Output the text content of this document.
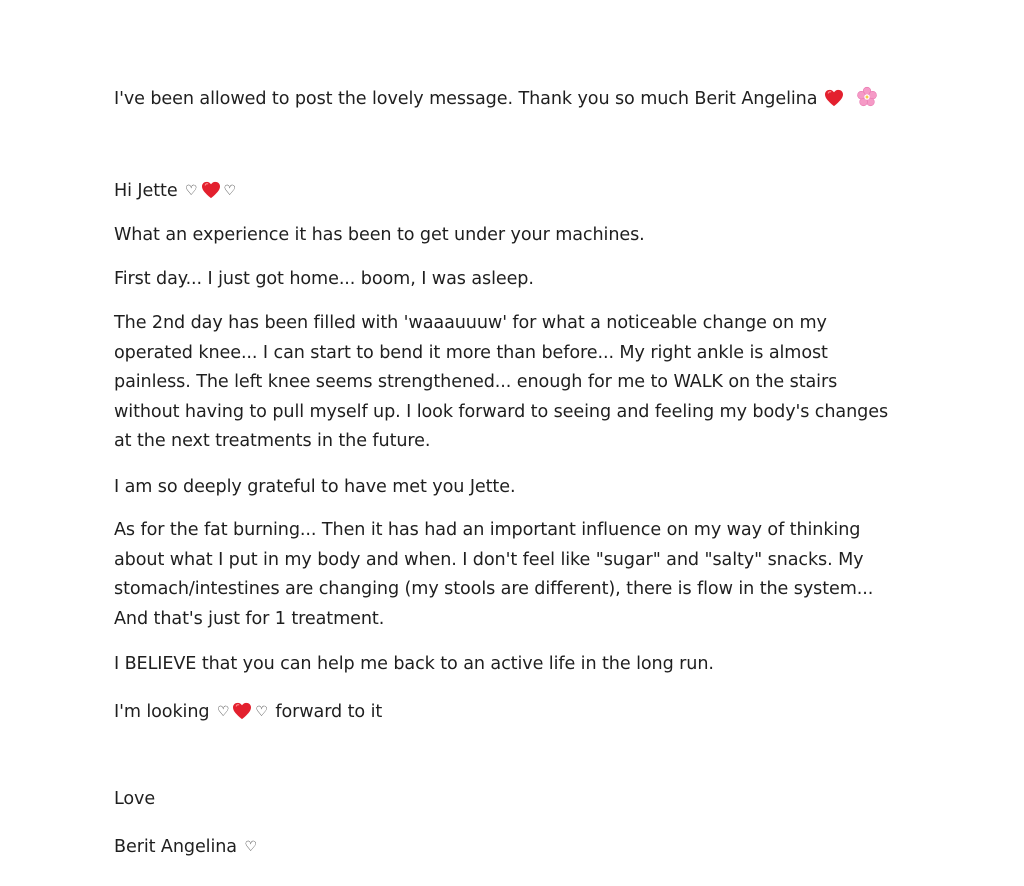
I've been allowed to post the lovely message. Thank you so much Berit Angelina
Hi Jette ♡ ♡
What an experience it has been to get under your machines.
First day... I just got home... boom, I was asleep.
The 2nd day has been filled with 'waaauuuw' for what a noticeable change on my operated knee... I can start to bend it more than before... My right ankle is almost painless. The left knee seems strengthened... enough for me to WALK on the stairs without having to pull myself up. I look forward to seeing and feeling my body's changes at the next treatments in the future.
I am so deeply grateful to have met you Jette.
As for the fat burning... Then it has had an important influence on my way of thinking about what I put in my body and when. I don't feel like "sugar" and "salty" snacks. My stomach/intestines are changing (my stools are different), there is flow in the system... And that's just for 1 treatment.
I BELIEVE that you can help me back to an active life in the long run.
I'm looking ♡ ♡ forward to it
Love
Berit Angelina ♡
